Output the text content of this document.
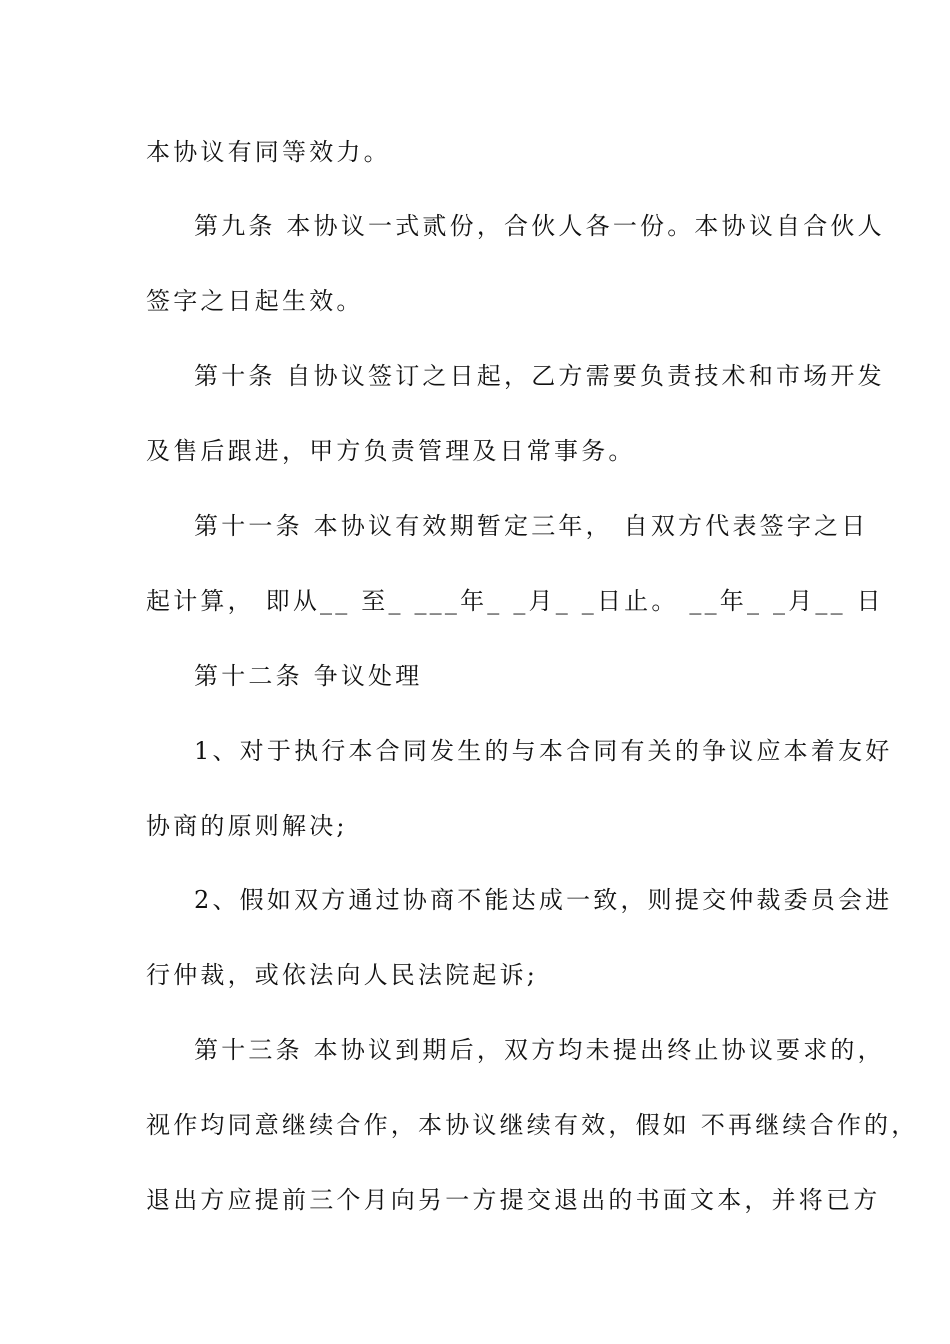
本协议有同等效力。
第九条 本协议一式贰份，合伙人各一份。本协议自合伙人
签字之日起生效。
第十条 自协议签订之日起，乙方需要负责技术和市场开发
及售后跟进，甲方负责管理及日常事务。
第十一条 本协议有效期暂定三年， 自双方代表签字之日
起计算， 即从__ 至_ ___年_ _月_ _日止。 __年_ _月__ 日
第十二条 争议处理
1、对于执行本合同发生的与本合同有关的争议应本着友好
协商的原则解决;
2、假如双方通过协商不能达成一致，则提交仲裁委员会进
行仲裁，或依法向人民法院起诉;
第十三条 本协议到期后，双方均未提出终止协议要求的，
视作均同意继续合作，本协议继续有效，假如 不再继续合作的，
退出方应提前三个月向另一方提交退出的书面文本，并将已方
